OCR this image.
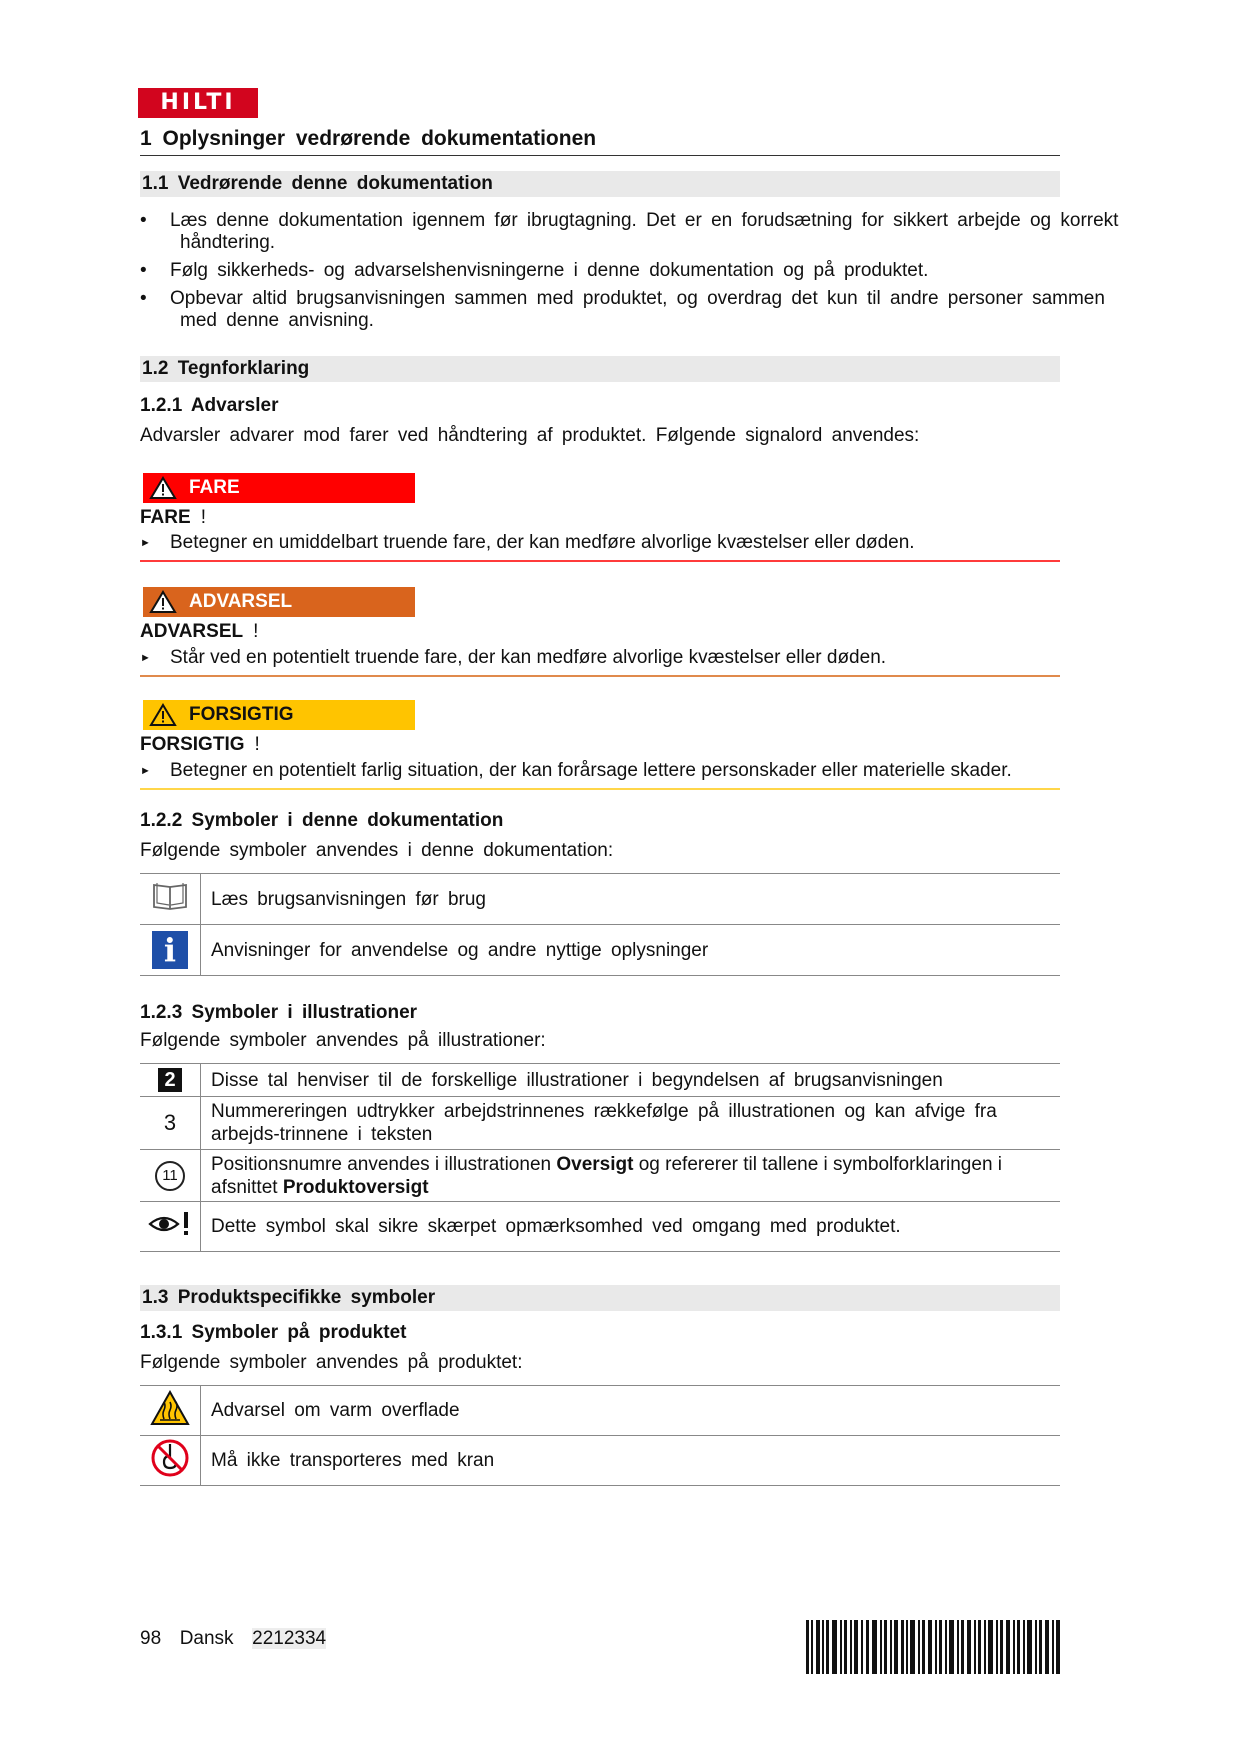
HILTI
1 Oplysninger vedrørende dokumentationen
1.1 Vedrørende denne dokumentation
• Læs denne dokumentation igennem før ibrugtagning. Det er en forudsætning for sikkert arbejde og korrekt håndtering.
• Følg sikkerheds- og advarselshenvisningerne i denne dokumentation og på produktet.
• Opbevar altid brugsanvisningen sammen med produktet, og overdrag det kun til andre personer sammen med denne anvisning.
1.2 Tegnforklaring
1.2.1 Advarsler
Advarsler advarer mod farer ved håndtering af produktet. Følgende signalord anvendes:
FARE
FARE !
► Betegner en umiddelbart truende fare, der kan medføre alvorlige kvæstelser eller døden.
ADVARSEL
ADVARSEL !
► Står ved en potentielt truende fare, der kan medføre alvorlige kvæstelser eller døden.
FORSIGTIG
FORSIGTIG !
► Betegner en potentielt farlig situation, der kan forårsage lettere personskader eller materielle skader.
1.2.2 Symboler i denne dokumentation
Følgende symboler anvendes i denne dokumentation:
	Læs brugsanvisningen før brug
i	Anvisninger for anvendelse og andre nyttige oplysninger
1.2.3 Symboler i illustrationer
Følgende symboler anvendes på illustrationer:
2	Disse tal henviser til de forskellige illustrationer i begyndelsen af brugsanvisningen
3	Nummereringen udtrykker arbejdstrinnenes rækkefølge på illustrationen og kan afvige fra arbejds-trinnene i teksten
11	Positionsnumre anvendes i illustrationen Oversigt og refererer til tallene i symbolforklaringen i afsnittet Produktoversigt
	Dette symbol skal sikre skærpet opmærksomhed ved omgang med produktet.
1.3 Produktspecifikke symboler
1.3.1 Symboler på produktet
Følgende symboler anvendes på produktet:
	Advarsel om varm overflade
	Må ikke transporteres med kran
98 Dansk 2212334
